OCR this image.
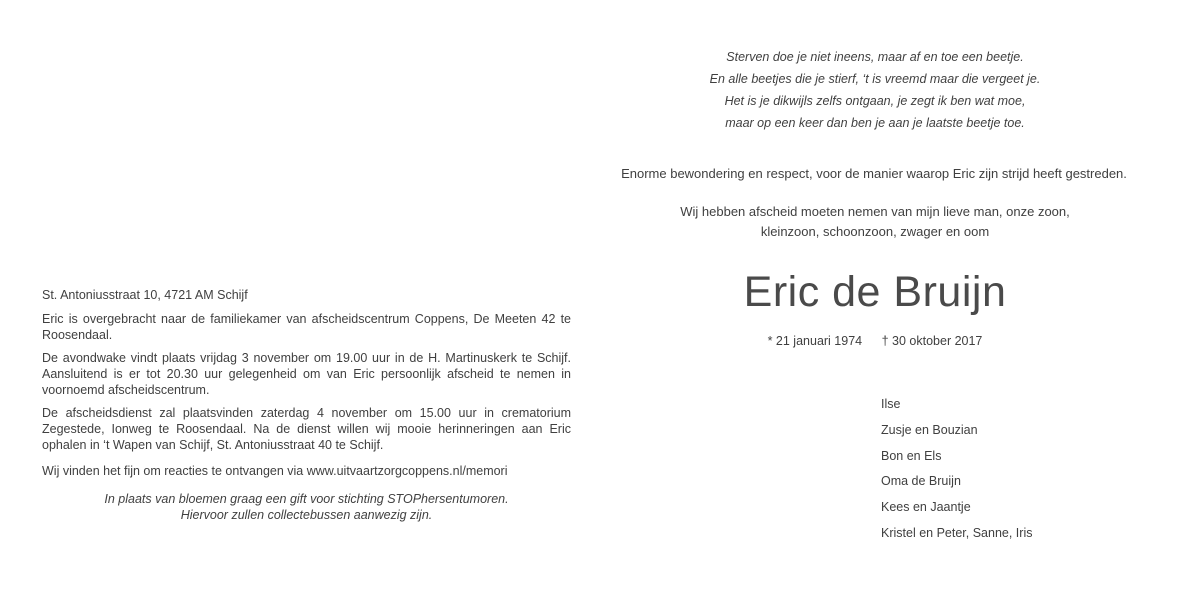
St. Antoniusstraat 10, 4721 AM Schijf

Eric is overgebracht naar de familiekamer van afscheidscentrum Coppens, De Meeten 42 te Roosendaal.

De avondwake vindt plaats vrijdag 3 november om 19.00 uur in de H. Martinuskerk te Schijf. Aansluitend is er tot 20.30 uur gelegenheid om van Eric persoonlijk afscheid te nemen in voornoemd afscheidscentrum.

De afscheidsdienst zal plaatsvinden zaterdag 4 november om 15.00 uur in crematorium Zegestede, Ionweg te Roosendaal. Na de dienst willen wij mooie herinneringen aan Eric ophalen in ‘t Wapen van Schijf, St. Antoniusstraat 40 te Schijf.

Wij vinden het fijn om reacties te ontvangen via www.uitvaartzorgcoppens.nl/memori

In plaats van bloemen graag een gift voor stichting STOPhersentumoren.
Hiervoor zullen collectebussen aanwezig zijn.

Sterven doe je niet ineens, maar af en toe een beetje.
En alle beetjes die je stierf, ‘t is vreemd maar die vergeet je.
Het is je dikwijls zelfs ontgaan, je zegt ik ben wat moe,
maar op een keer dan ben je aan je laatste beetje toe.
Enorme bewondering en respect, voor de manier waarop Eric zijn strijd heeft gestreden.
Wij hebben afscheid moeten nemen van mijn lieve man, onze zoon,
kleinzoon, schoonzoon, zwager en oom
Eric de Bruijn
* 21 januari 1974 † 30 oktober 2017
Ilse
Zusje en Bouzian
Bon en Els
Oma de Bruijn
Kees en Jaantje
Kristel en Peter, Sanne, Iris
